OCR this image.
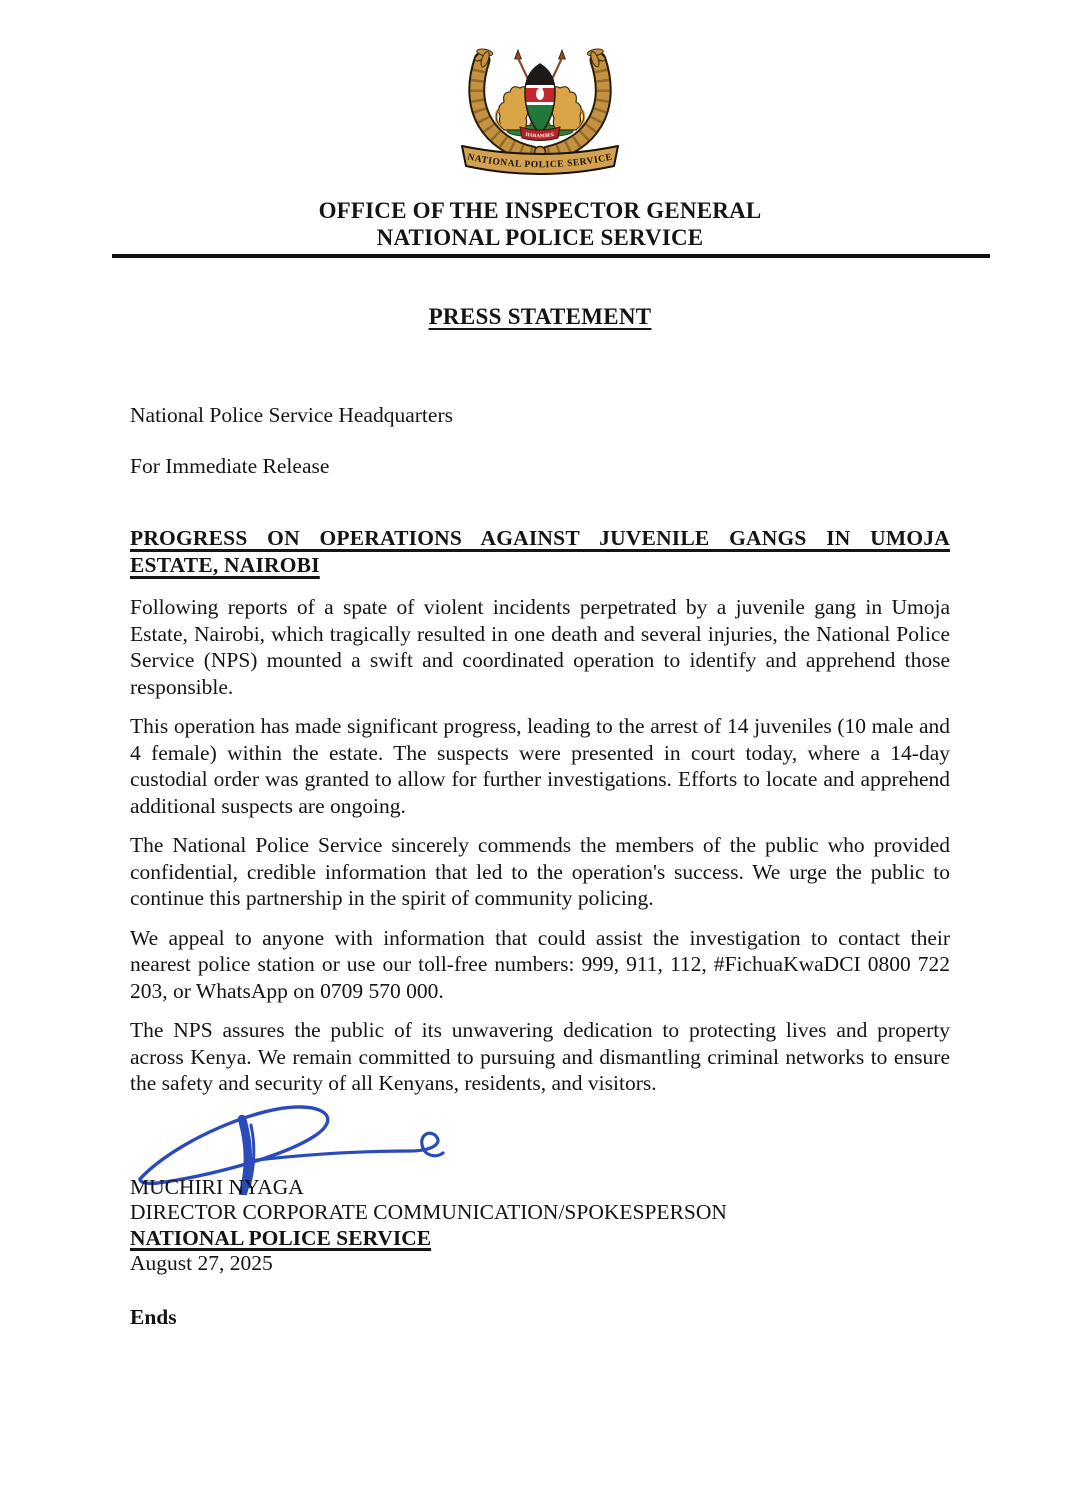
HARAMBEE
NATIONAL POLICE SERVICE
OFFICE OF THE INSPECTOR GENERAL
NATIONAL POLICE SERVICE
PRESS STATEMENT
National Police Service Headquarters
For Immediate Release
PROGRESS ON OPERATIONS AGAINST JUVENILE GANGS IN UMOJA
ESTATE, NAIROBI

Following reports of a spate of violent incidents perpetrated by a juvenile gang in Umoja Estate, Nairobi, which tragically resulted in one death and several injuries, the National Police Service (NPS) mounted a swift and coordinated operation to identify and apprehend those responsible.

This operation has made significant progress, leading to the arrest of 14 juveniles (10 male and 4 female) within the estate. The suspects were presented in court today, where a 14-day custodial order was granted to allow for further investigations. Efforts to locate and apprehend additional suspects are ongoing.

The National Police Service sincerely commends the members of the public who provided confidential, credible information that led to the operation's success. We urge the public to continue this partnership in the spirit of community policing.

We appeal to anyone with information that could assist the investigation to contact their nearest police station or use our toll-free numbers: 999, 911, 112, #FichuaKwaDCI 0800 722 203, or WhatsApp on 0709 570 000.

The NPS assures the public of its unwavering dedication to protecting lives and property across Kenya. We remain committed to pursuing and dismantling criminal networks to ensure the safety and security of all Kenyans, residents, and visitors.

MUCHIRI NYAGA
DIRECTOR CORPORATE COMMUNICATION/SPOKESPERSON
NATIONAL POLICE SERVICE
August 27, 2025
Ends
